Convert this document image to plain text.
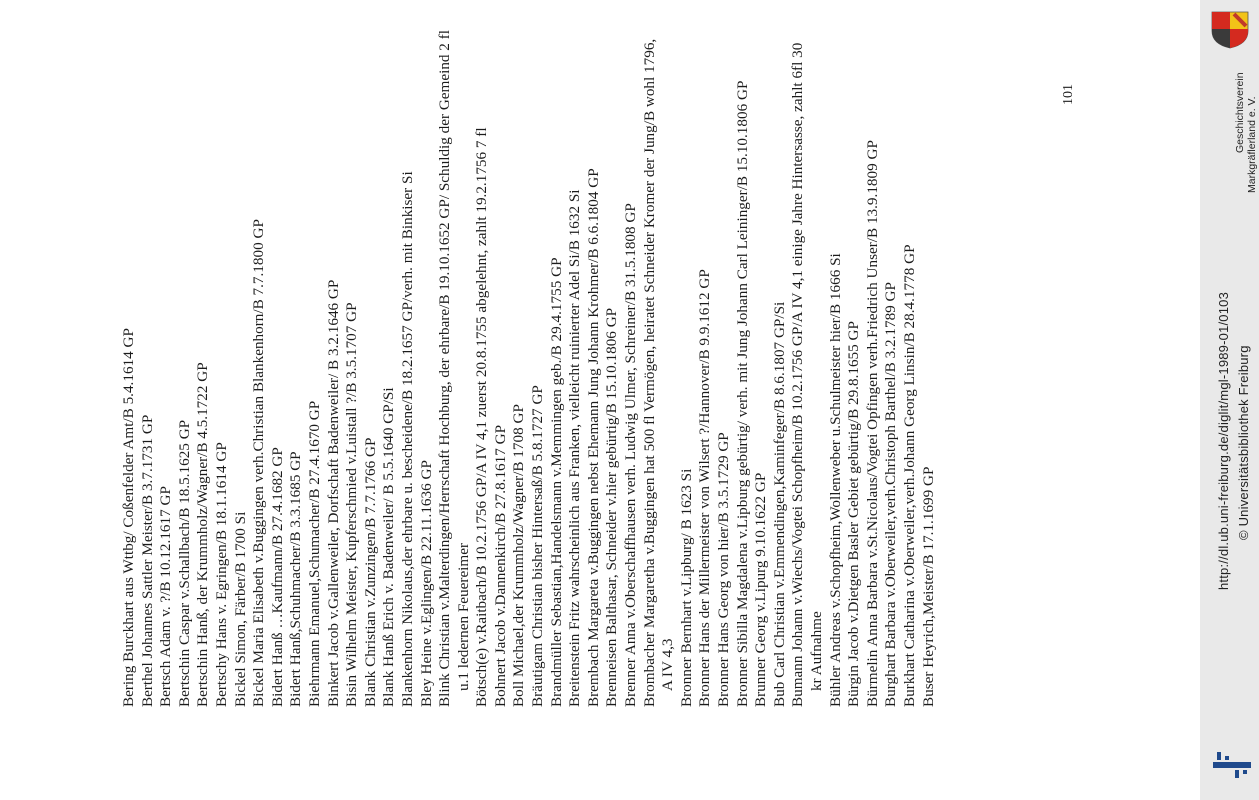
Bering Burckhart aus Wttbg/ Coßenfelder Amt/B 5.4.1614 GP Berthel Johannes Sattler Meister/B 3.7.1731 GP Bertsch Adam v. ?/B 10.12.1617 GP Bertschin Caspar v.Schallbach/B 18.5.1625 GP Bertschin Hanß, der Krummholz/Wagner/B 4.5.1722 GP Bertschy Hans v. Egringen/B 18.1.1614 GP Bickel Simon, Färber/B 1700 Si Bickel Maria Elisabeth v.Buggingen verh.Christian Blankenhorn/B 7.7.1800 GP Bidert Hanß …Kaufmann/B 27.4.1682 GP Bidert Hanß,Schuhmacher/B 3.3.1685 GP Biehrmann Emanuel,Schumacher/B 27.4.1670 GP Binkert Jacob v.Gallenweiler, Dorfschaft Badenweiler/ B 3.2.1646 GP Bisin Wilhelm Meister, Kupferschmied v.Luistall ?/B 3.5.1707 GP Blank Christian v.Zunzingen/B 7.7.1766 GP Blank Hanß Erich v. Badenweiler/ B 5.5.1640 GP/Si Blankenhorn Nikolaus,der ehrbare u. bescheidene/B 18.2.1657 GP/verh. mit Binkiser Si Bley Heine v.Eglingen/B 22.11.1636 GP Blink Christian v.Malterdingen/Herrschaft Hochburg, der ehrbare/B 19.10.1652 GP/ Schuldig der Gemeind 2 fl u.1 ledernen Feuereimer Bötsch(e) v.Raitbach/B 10.2.1756 GP/A IV 4,1 zuerst 20.8.1755 abgelehnt, zahlt 19.2.1756 7 fl Bohnert Jacob v.Dannenkirch/B 27.8.1617 GP Boll Michael,der Krummholz/Wagner/B 1708 GP Bräutigam Christian bisher Hintersaß/B 5.8.1727 GP Brandmüller Sebastian,Handelsmann v.Memmingen geb./B 29.4.1755 GP Breitenstein Fritz wahrscheinlich aus Franken, vielleicht ruinierter Adel Si/B 1632 Si Brembach Margareta v.Buggingen nebst Ehemann Jung Johann Krohmer/B 6.6.1804 GP Brenneisen Balthasar, Schneider v.hier gebürtig/B 15.10.1806 GP Brenner Anna v.Oberschaffhausen verh. Ludwig Ulmer, Schreiner/B 31.5.1808 GP Brombacher Margaretha v.Buggingen hat 500 fl Vermögen, heiratet Schneider Kromer der Jung/B wohl 1796, A IV 4,3 Bronner Bernhart v.Lipburg/ B 1623 Si Bronner Hans der Millermeister von Wilsert ?/Hannover/B 9.9.1612 GP Bronner Hans Georg von hier/B 3.5.1729 GP Bronner Sibilla Magdalena v.Lipburg gebürtig/ verh. mit Jung Johann Carl Leininger/B 15.10.1806 GP Brunner Georg v.Lipurg 9.10.1622 GP Bub Carl Christian v.Emmendingen,Kaminfeger/B 8.6.1807 GP/Si Bumann Johann v.Wiechs/Vogtei Schopfheim/B 10.2.1756 GP/A IV 4,1 einige Jahre Hintersasse, zahlt 6fl 30 kr Aufnahme Bühler Andreas v.Schopfheim,Wollenweber u.Schulmeister hier/B 1666 Si Bürgin Jacob v.Dietgen Basler Gebiet gebürtig/B 29.8.1655 GP Bürmelin Anna Barbara v.St.Nicolaus/Vogtei Opfingen verh.Friedrich Unser/B 13.9.1809 GP Burghart Barbara v.Oberweiler,verh.Christoph Barthel/B 3.2.1789 GP Burkhart Catharina v.Oberweiler,verh.Johann Georg Linsin/B 28.4.1778 GP Buser Heyrich,Meister/B 17.1.1699 GP
101	Geschichtsverein Markgräflerland e. V.
http://dl.ub.uni-freiburg.de/diglit/mgl-1989-01/0103 © Universitätsbibliothek Freiburg
